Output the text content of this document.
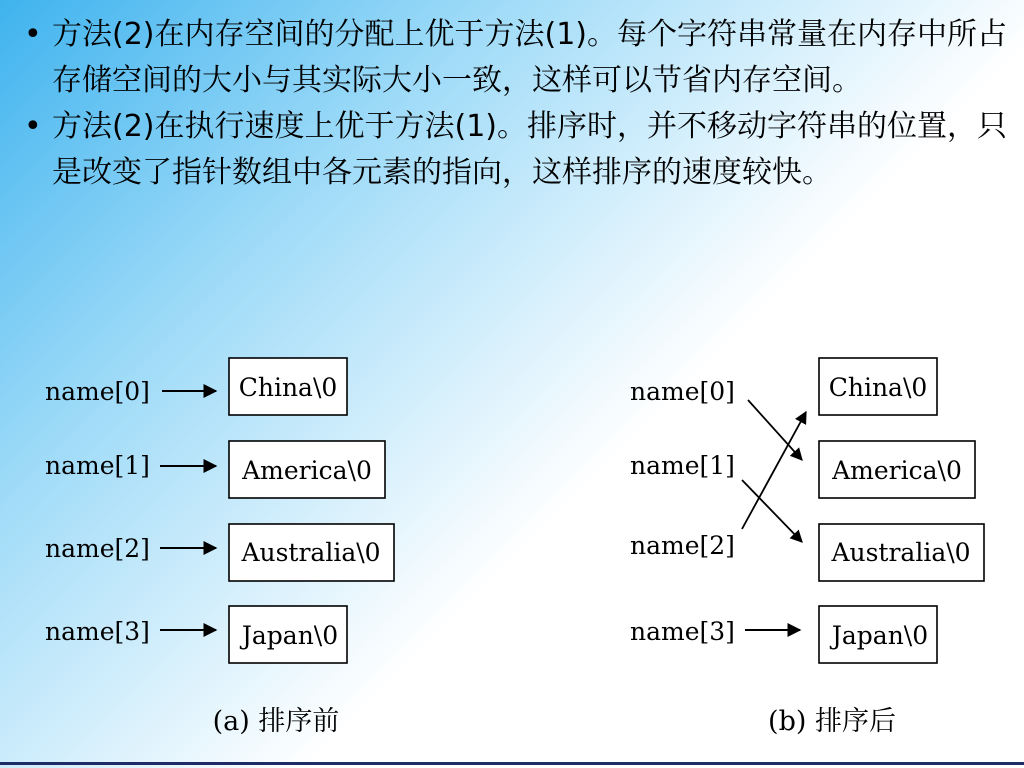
• 方法(2)在内存空间的分配上优于方法(1)。每个字符串常量在内存中所占存储空间的大小与其实际大小一致，这样可以节省内存空间。

• 方法(2)在执行速度上优于方法(1)。排序时，并不移动字符串的位置，只是改变了指针数组中各元素的指向，这样排序的速度较快。

name[0]
name[1]
name[2]
name[3]
China\0
America\0
Australia\0
Japan\0
(a) 排序前
name[0]
name[1]
name[2]
name[3]
China\0
America\0
Australia\0
Japan\0
(b) 排序后
